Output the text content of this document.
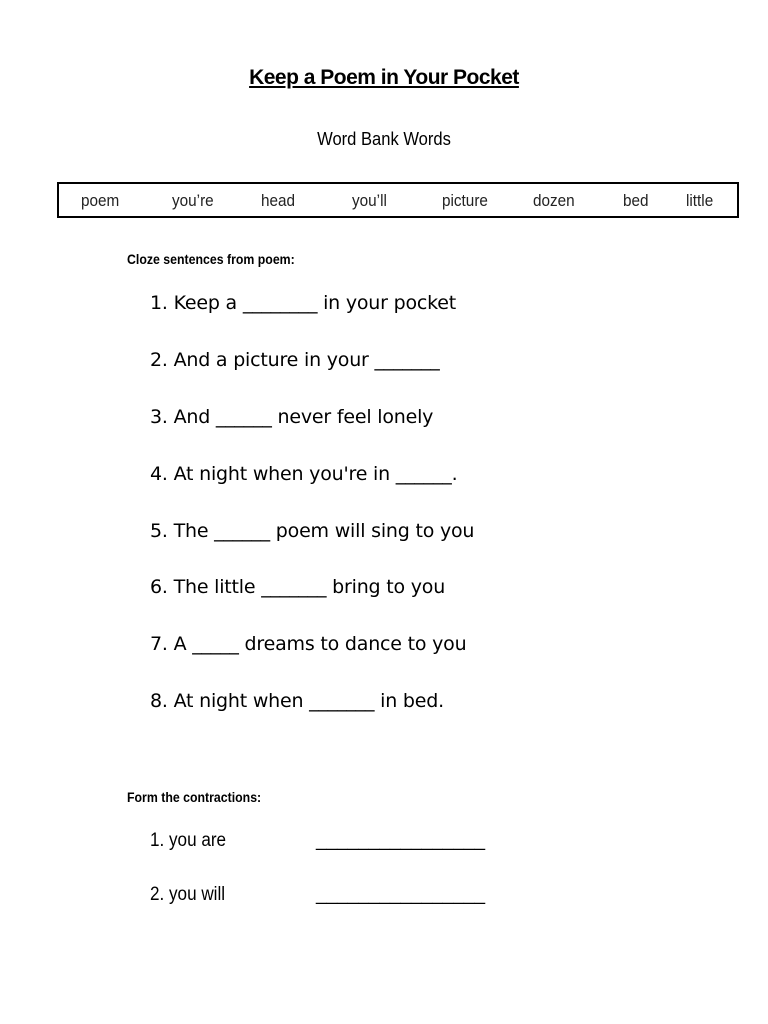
Keep a Poem in Your Pocket
Word Bank Words
poem	you’re	head	you’ll	picture	dozen	bed little
Cloze sentences from poem:
1. Keep a ________ in your pocket
2. And a picture in your _______
3. And ______ never feel lonely
4. At night when you're in ______.
5. The ______ poem will sing to you
6. The little _______ bring to you
7. A _____ dreams to dance to you
8. At night when _______ in bed.
Form the contractions:
1. you are	________________
2. you will	________________
